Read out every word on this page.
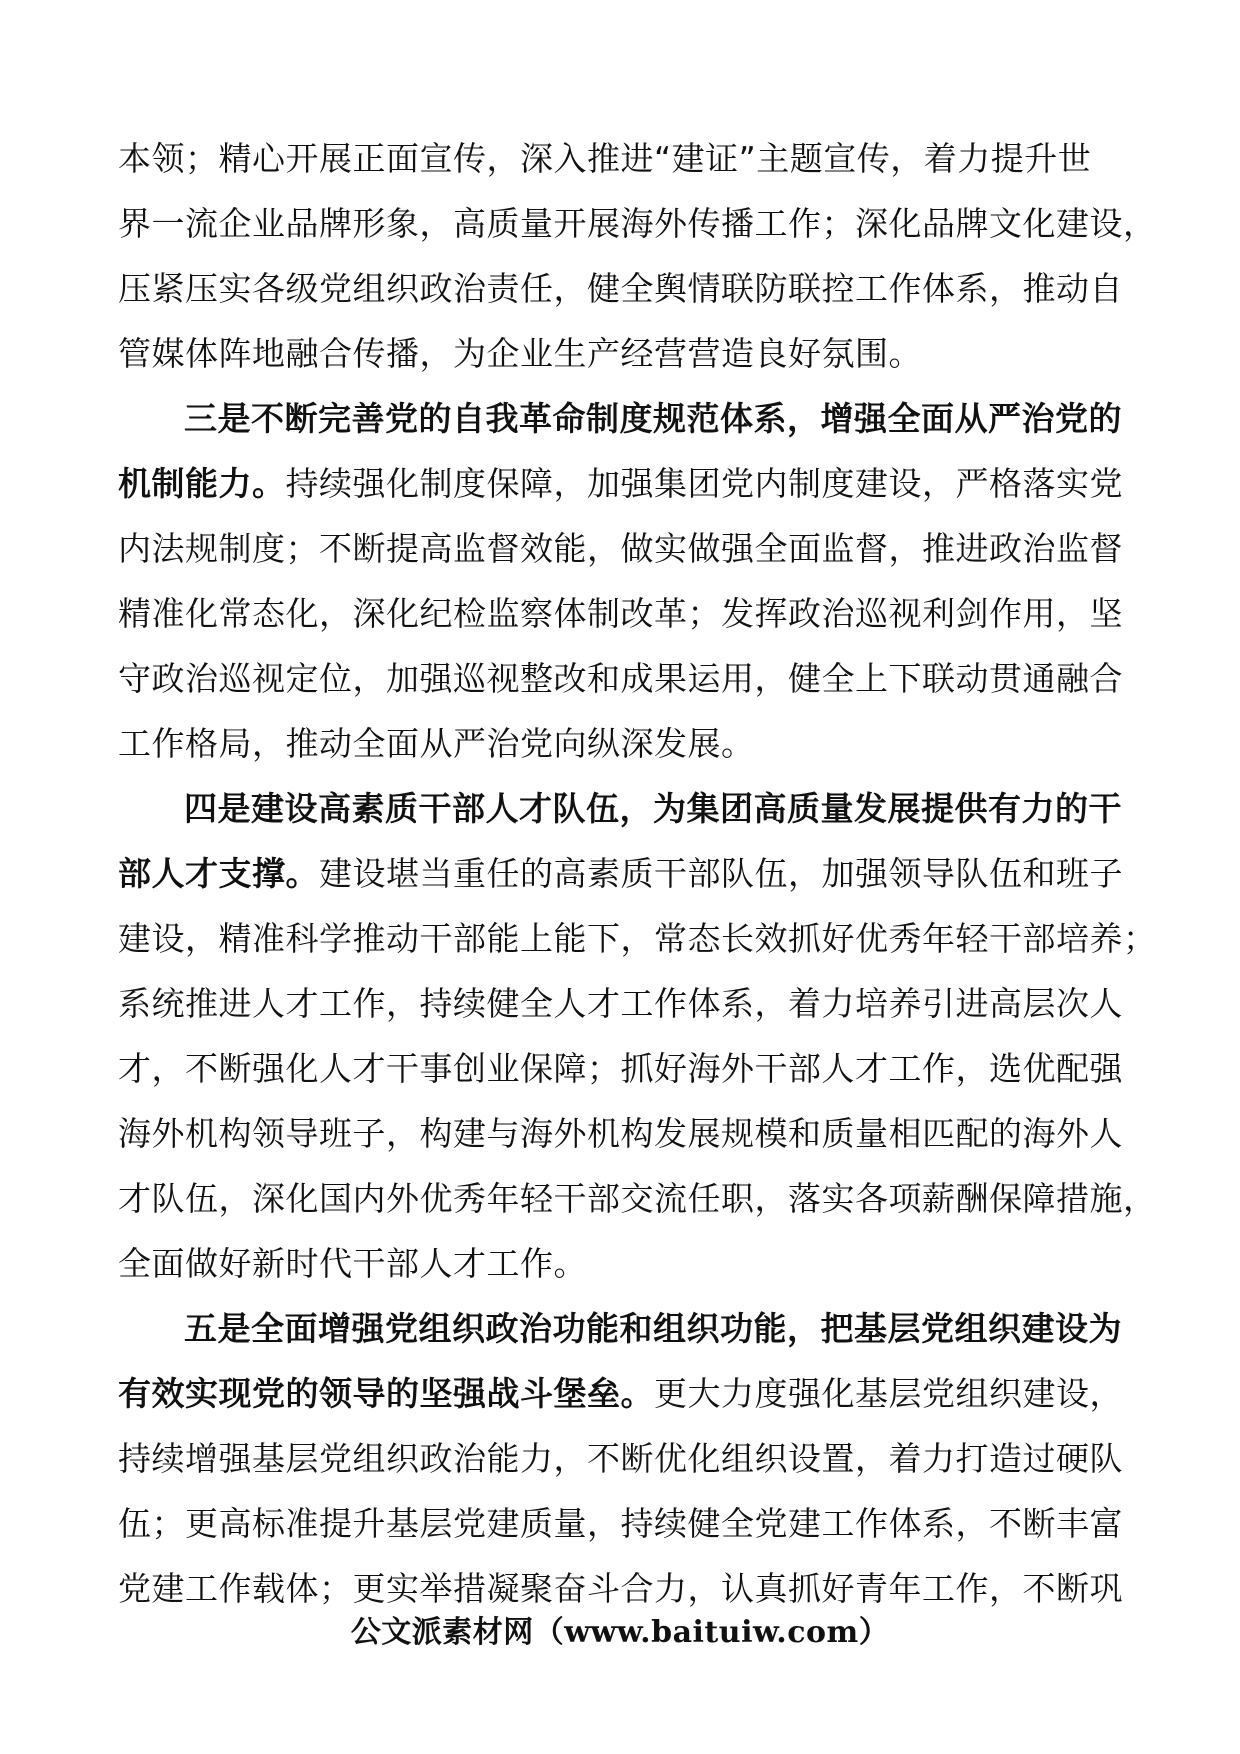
本领；精心开展正面宣传，深入推进“建证”主题宣传，着力提升世
界一流企业品牌形象，高质量开展海外传播工作；深化品牌文化建设，
压紧压实各级党组织政治责任，健全舆情联防联控工作体系，推动自
管媒体阵地融合传播，为企业生产经营营造良好氛围。
三是不断完善党的自我革命制度规范体系，增强全面从严治党的
机制能力。持续强化制度保障，加强集团党内制度建设，严格落实党
内法规制度；不断提高监督效能，做实做强全面监督，推进政治监督
精准化常态化，深化纪检监察体制改革；发挥政治巡视利剑作用，坚
守政治巡视定位，加强巡视整改和成果运用，健全上下联动贯通融合
工作格局，推动全面从严治党向纵深发展。
四是建设高素质干部人才队伍，为集团高质量发展提供有力的干
部人才支撑。建设堪当重任的高素质干部队伍，加强领导队伍和班子
建设，精准科学推动干部能上能下，常态长效抓好优秀年轻干部培养；
系统推进人才工作，持续健全人才工作体系，着力培养引进高层次人
才，不断强化人才干事创业保障；抓好海外干部人才工作，选优配强
海外机构领导班子，构建与海外机构发展规模和质量相匹配的海外人
才队伍，深化国内外优秀年轻干部交流任职，落实各项薪酬保障措施，
全面做好新时代干部人才工作。
五是全面增强党组织政治功能和组织功能，把基层党组织建设为
有效实现党的领导的坚强战斗堡垒。更大力度强化基层党组织建设，
持续增强基层党组织政治能力，不断优化组织设置，着力打造过硬队
伍；更高标准提升基层党建质量，持续健全党建工作体系，不断丰富
党建工作载体；更实举措凝聚奋斗合力，认真抓好青年工作，不断巩
公文派素材网（www.baituiw.com）
